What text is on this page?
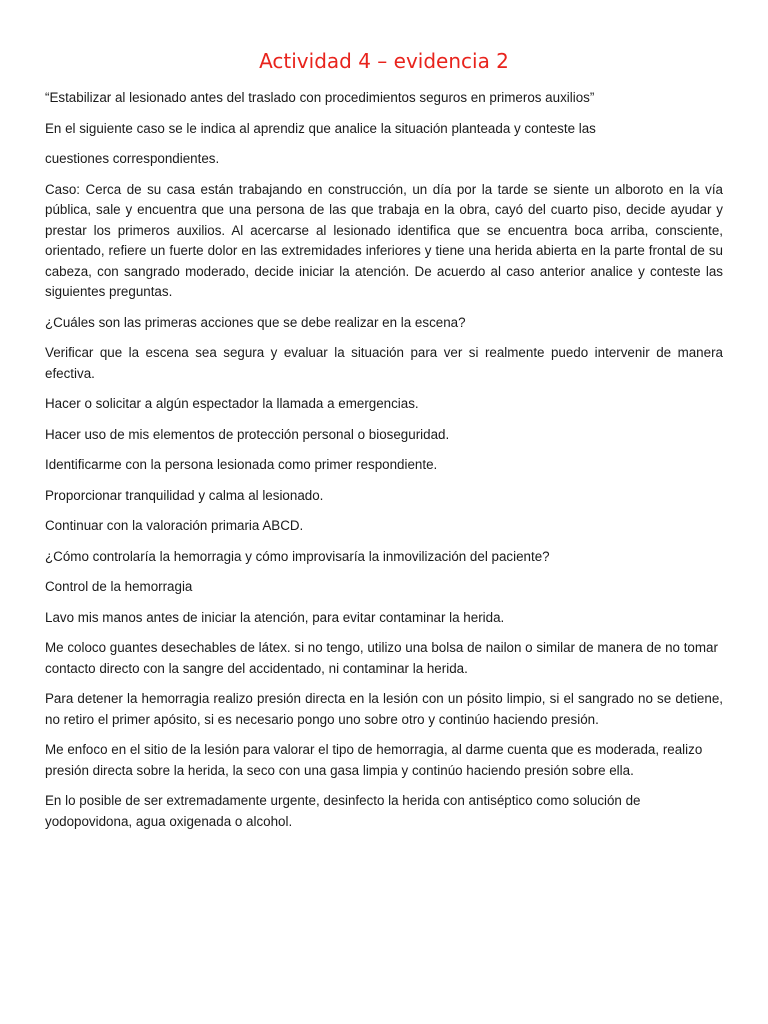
Actividad 4 – evidencia 2

“Estabilizar al lesionado antes del traslado con procedimientos seguros en primeros auxilios”

En el siguiente caso se le indica al aprendiz que analice la situación planteada y conteste las

cuestiones correspondientes.

Caso: Cerca de su casa están trabajando en construcción, un día por la tarde se siente un alboroto en la vía pública, sale y encuentra que una persona de las que trabaja en la obra, cayó del cuarto piso, decide ayudar y prestar los primeros auxilios. Al acercarse al lesionado identifica que se encuentra boca arriba, consciente, orientado, refiere un fuerte dolor en las extremidades inferiores y tiene una herida abierta en la parte frontal de su cabeza, con sangrado moderado, decide iniciar la atención. De acuerdo al caso anterior analice y conteste las siguientes preguntas.

¿Cuáles son las primeras acciones que se debe realizar en la escena?

Verificar que la escena sea segura y evaluar la situación para ver si realmente puedo intervenir de manera efectiva.

Hacer o solicitar a algún espectador la llamada a emergencias.

Hacer uso de mis elementos de protección personal o bioseguridad.

Identificarme con la persona lesionada como primer respondiente.

Proporcionar tranquilidad y calma al lesionado.

Continuar con la valoración primaria ABCD.

¿Cómo controlaría la hemorragia y cómo improvisaría la inmovilización del paciente?

Control de la hemorragia

Lavo mis manos antes de iniciar la atención, para evitar contaminar la herida.

Me coloco guantes desechables de látex. si no tengo, utilizo una bolsa de nailon o similar de manera de no tomar contacto directo con la sangre del accidentado, ni contaminar la herida.

Para detener la hemorragia realizo presión directa en la lesión con un pósito limpio, si el sangrado no se detiene, no retiro el primer apósito, si es necesario pongo uno sobre otro y continúo haciendo presión.

Me enfoco en el sitio de la lesión para valorar el tipo de hemorragia, al darme cuenta que es moderada, realizo presión directa sobre la herida, la seco con una gasa limpia y continúo haciendo presión sobre ella.

En lo posible de ser extremadamente urgente, desinfecto la herida con antiséptico como solución de yodopovidona, agua oxigenada o alcohol.
